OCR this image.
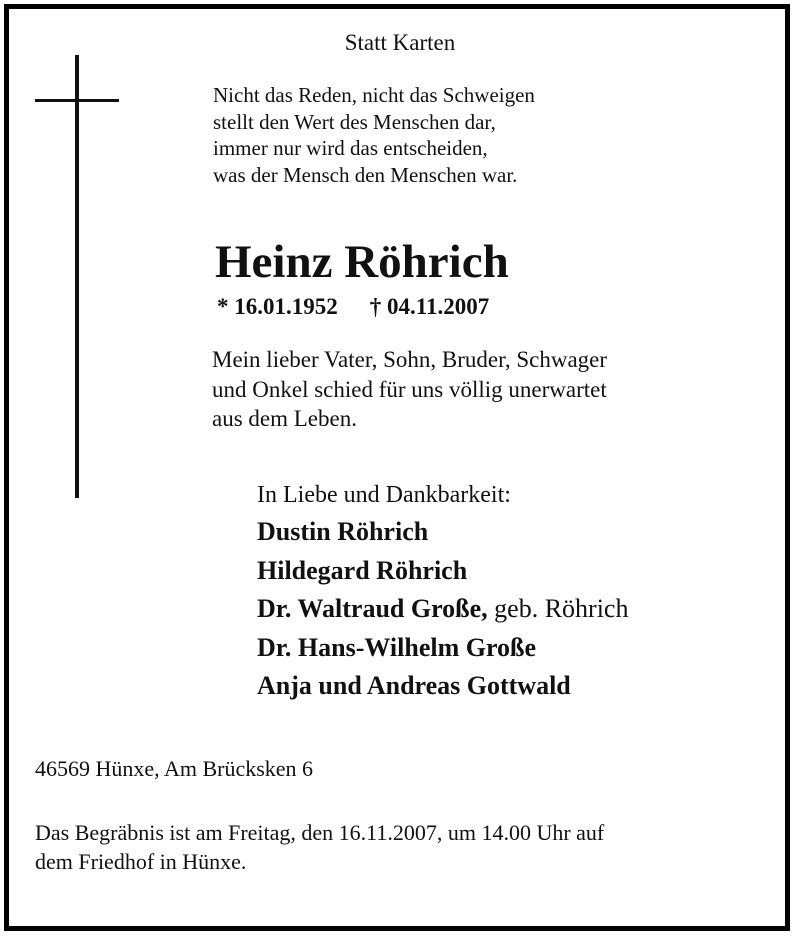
Statt Karten
Nicht das Reden, nicht das Schweigen
stellt den Wert des Menschen dar,
immer nur wird das entscheiden,
was der Mensch den Menschen war.
Heinz Röhrich
* 16.01.1952 † 04.11.2007
Mein lieber Vater, Sohn, Bruder, Schwager
und Onkel schied für uns völlig unerwartet
aus dem Leben.
In Liebe und Dankbarkeit:
Dustin Röhrich
Hildegard Röhrich
Dr. Waltraud Große, geb. Röhrich
Dr. Hans-Wilhelm Große
Anja und Andreas Gottwald
46569 Hünxe, Am Brücksken 6
Das Begräbnis ist am Freitag, den 16.11.2007, um 14.00 Uhr auf
dem Friedhof in Hünxe.
